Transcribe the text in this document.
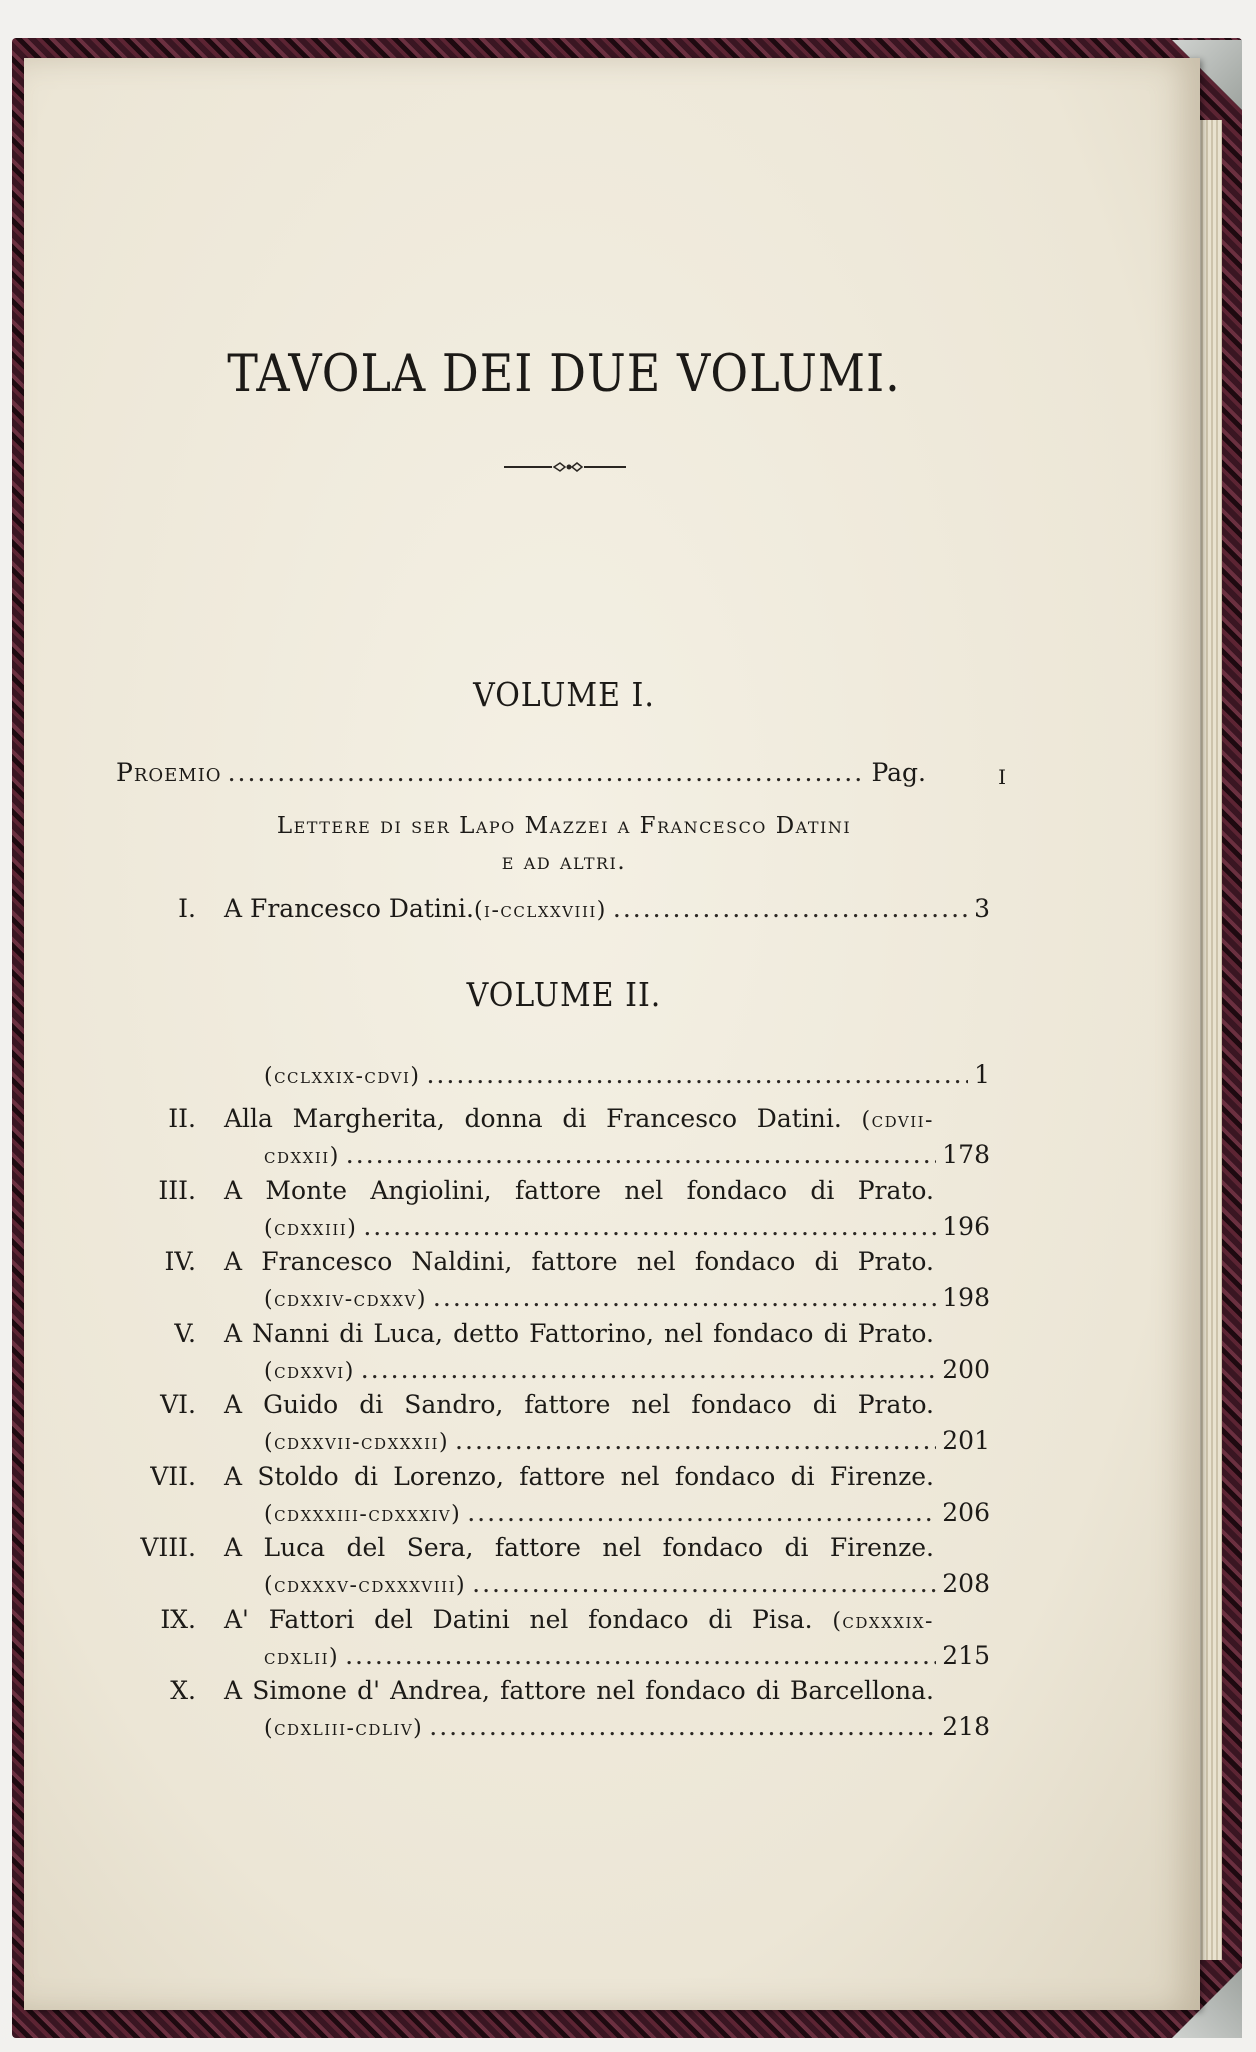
TAVOLA DEI DUE VOLUMI.
VOLUME I.
Proemio .....	Pag.	I
Lettere di ser Lapo Mazzei a Francesco Datini
e ad altri.
I. A Francesco Datini. (i-cclxxviii) .....	3
VOLUME II.
(cclxxix-cdvi) .....	1
II. Alla Margherita, donna di Francesco Datini. (cdvii-
cdxxii) .....	178
III. A Monte Angiolini, fattore nel fondaco di Prato.
(cdxxiii) .....	196
IV. A Francesco Naldini, fattore nel fondaco di Prato.
(cdxxiv-cdxxv) .....	198
V. A Nanni di Luca, detto Fattorino, nel fondaco di Prato.
(cdxxvi) .....	200
VI. A Guido di Sandro, fattore nel fondaco di Prato.
(cdxxvii-cdxxxii) .....	201
VII. A Stoldo di Lorenzo, fattore nel fondaco di Firenze.
(cdxxxiii-cdxxxiv) .....	206
VIII. A Luca del Sera, fattore nel fondaco di Firenze.
(cdxxxv-cdxxxviii) .....	208
IX. A' Fattori del Datini nel fondaco di Pisa. (cdxxxix-
cdxlii) .....	215
X. A Simone d' Andrea, fattore nel fondaco di Barcellona.
(cdxliii-cdliv) .....	218
